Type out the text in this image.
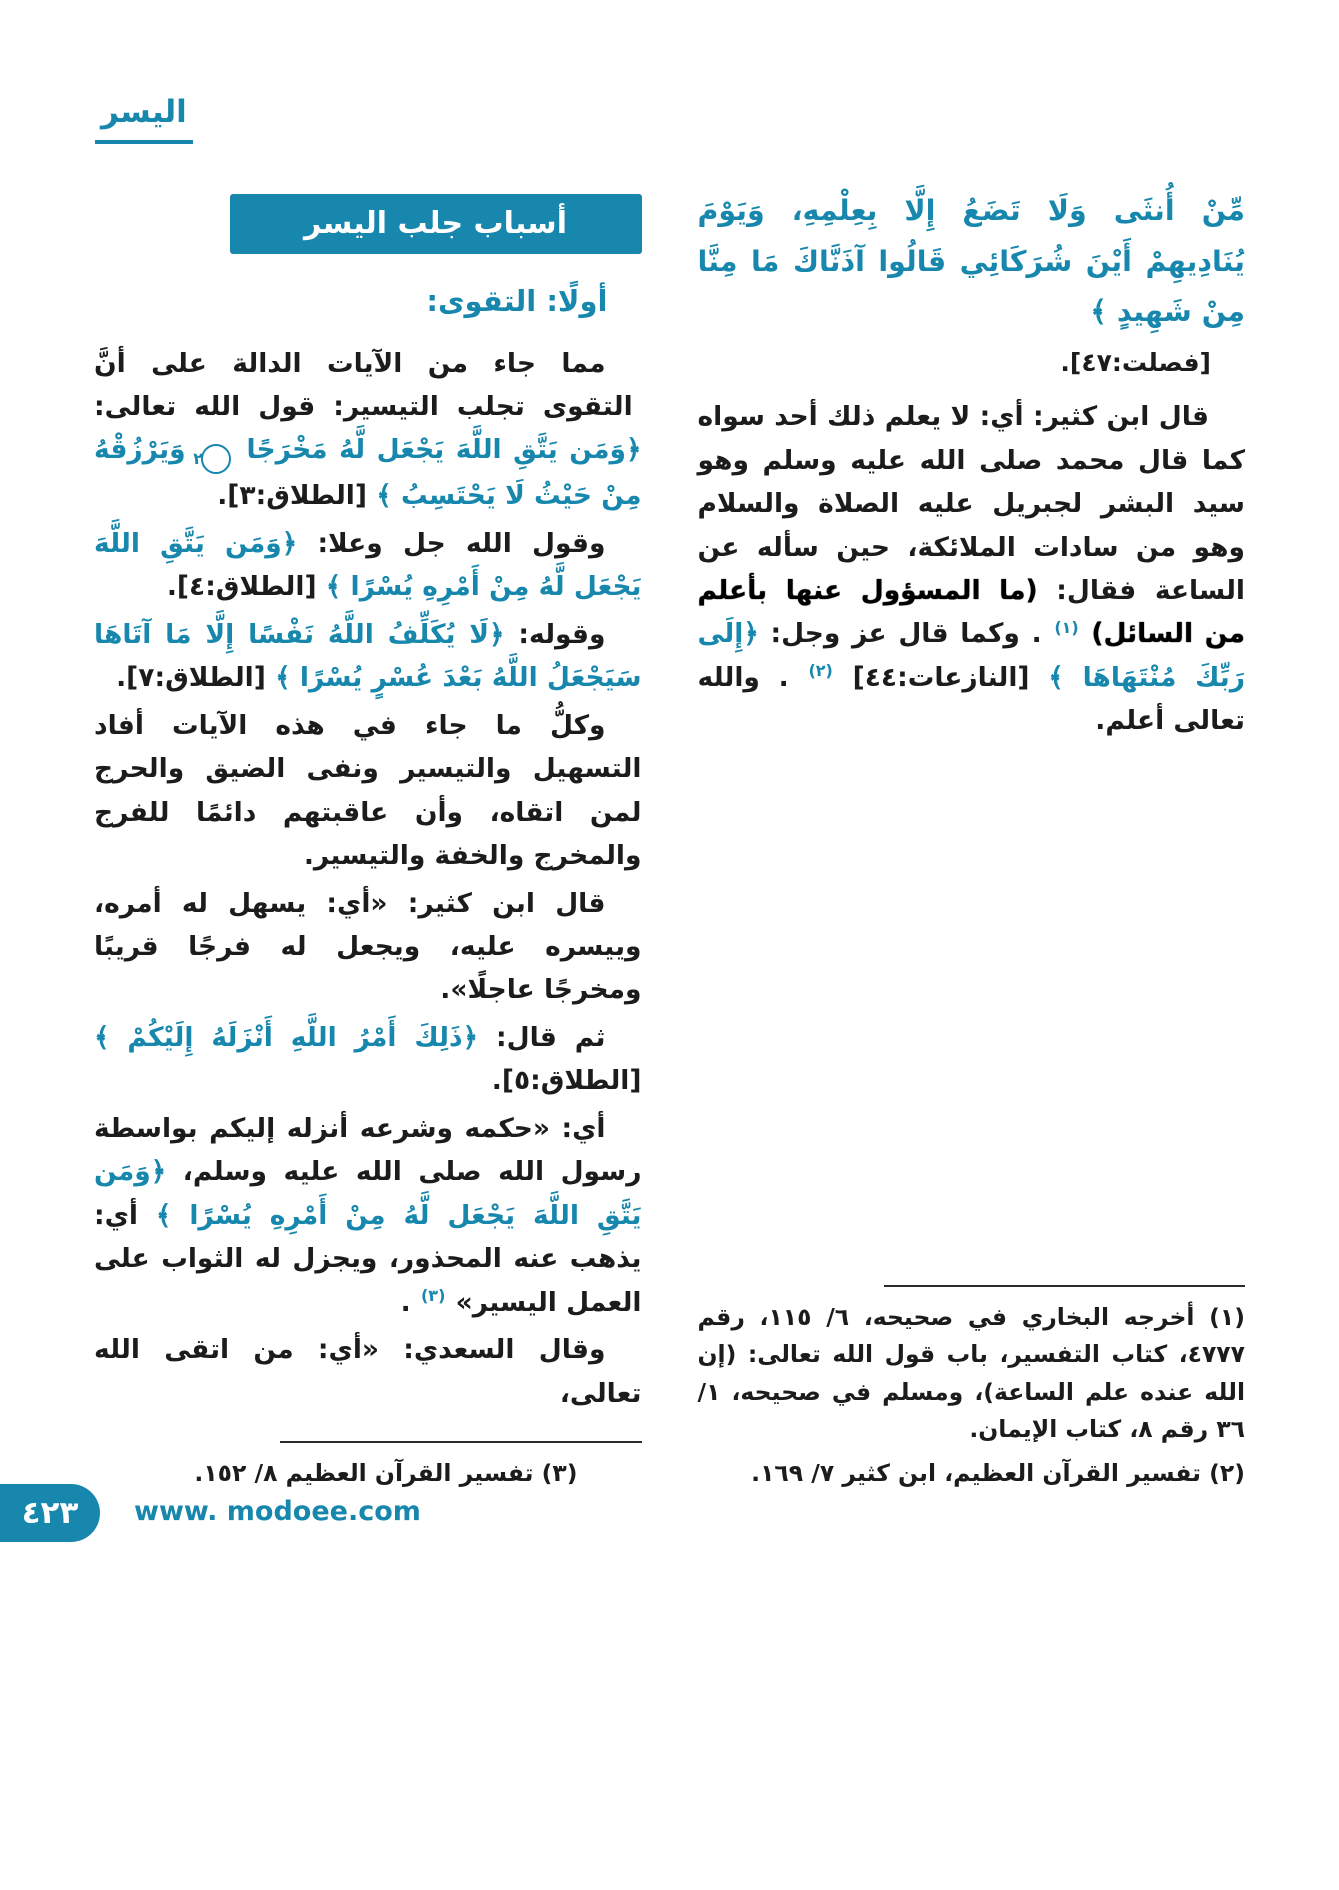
اليسر

مِّنْ أُنثَى وَلَا تَضَعُ إِلَّا بِعِلْمِهِ، وَيَوْمَ يُنَادِيهِمْ أَيْنَ شُرَكَائِي قَالُوا آذَنَّاكَ مَا مِنَّا مِنْ شَهِيدٍ ﴾

[فصلت:٤٧].

قال ابن كثير: أي: لا يعلم ذلك أحد سواه كما قال محمد صلى الله عليه وسلم وهو سيد البشر لجبريل عليه الصلاة والسلام وهو من سادات الملائكة، حين سأله عن الساعة فقال: (ما المسؤول عنها بأعلم من السائل) $^{(١)}$ . وكما قال عز وجل: ﴿إِلَى رَبِّكَ مُنْتَهَاهَا ﴾ [النازعات:٤٤] $^{(٢)}$ . والله تعالى أعلم.

(١) أخرجه البخاري في صحيحه، ٦/ ١١٥، رقم ٤٧٧٧، كتاب التفسير، باب قول الله تعالى: (إن الله عنده علم الساعة)، ومسلم في صحيحه، ١/ ٣٦ رقم ٨، كتاب الإيمان.

(٢) تفسير القرآن العظيم، ابن كثير ٧/ ١٦٩.

أسباب جلب اليسر
أولًا: التقوى:

مما جاء من الآيات الدالة على أنَّ التقوى تجلب التيسير: قول الله تعالى: ﴿وَمَن يَتَّقِ اللَّهَ يَجْعَل لَّهُ مَخْرَجًا ٢ وَيَرْزُقْهُ مِنْ حَيْثُ لَا يَحْتَسِبُ ﴾ [الطلاق:٣].

وقول الله جل وعلا: ﴿وَمَن يَتَّقِ اللَّهَ يَجْعَل لَّهُ مِنْ أَمْرِهِ يُسْرًا ﴾ [الطلاق:٤].

وقوله: ﴿لَا يُكَلِّفُ اللَّهُ نَفْسًا إِلَّا مَا آتَاهَا سَيَجْعَلُ اللَّهُ بَعْدَ عُسْرٍ يُسْرًا ﴾ [الطلاق:٧].

وكلُّ ما جاء في هذه الآيات أفاد التسهيل والتيسير ونفى الضيق والحرج لمن اتقاه، وأن عاقبتهم دائمًا للفرج والمخرج والخفة والتيسير.

قال ابن كثير: «أي: يسهل له أمره، وييسره عليه، ويجعل له فرجًا قريبًا ومخرجًا عاجلًا».

ثم قال: ﴿ذَلِكَ أَمْرُ اللَّهِ أَنْزَلَهُ إِلَيْكُمْ ﴾ [الطلاق:٥].

أي: «حكمه وشرعه أنزله إليكم بواسطة رسول الله صلى الله عليه وسلم، ﴿وَمَن يَتَّقِ اللَّهَ يَجْعَل لَّهُ مِنْ أَمْرِهِ يُسْرًا ﴾ أي: يذهب عنه المحذور، ويجزل له الثواب على العمل اليسير» $^{(٣)}$ .

وقال السعدي: «أي: من اتقى الله تعالى،

(٣) تفسير القرآن العظيم ٨/ ١٥٢.

٤٢٣ www. modoee.com
